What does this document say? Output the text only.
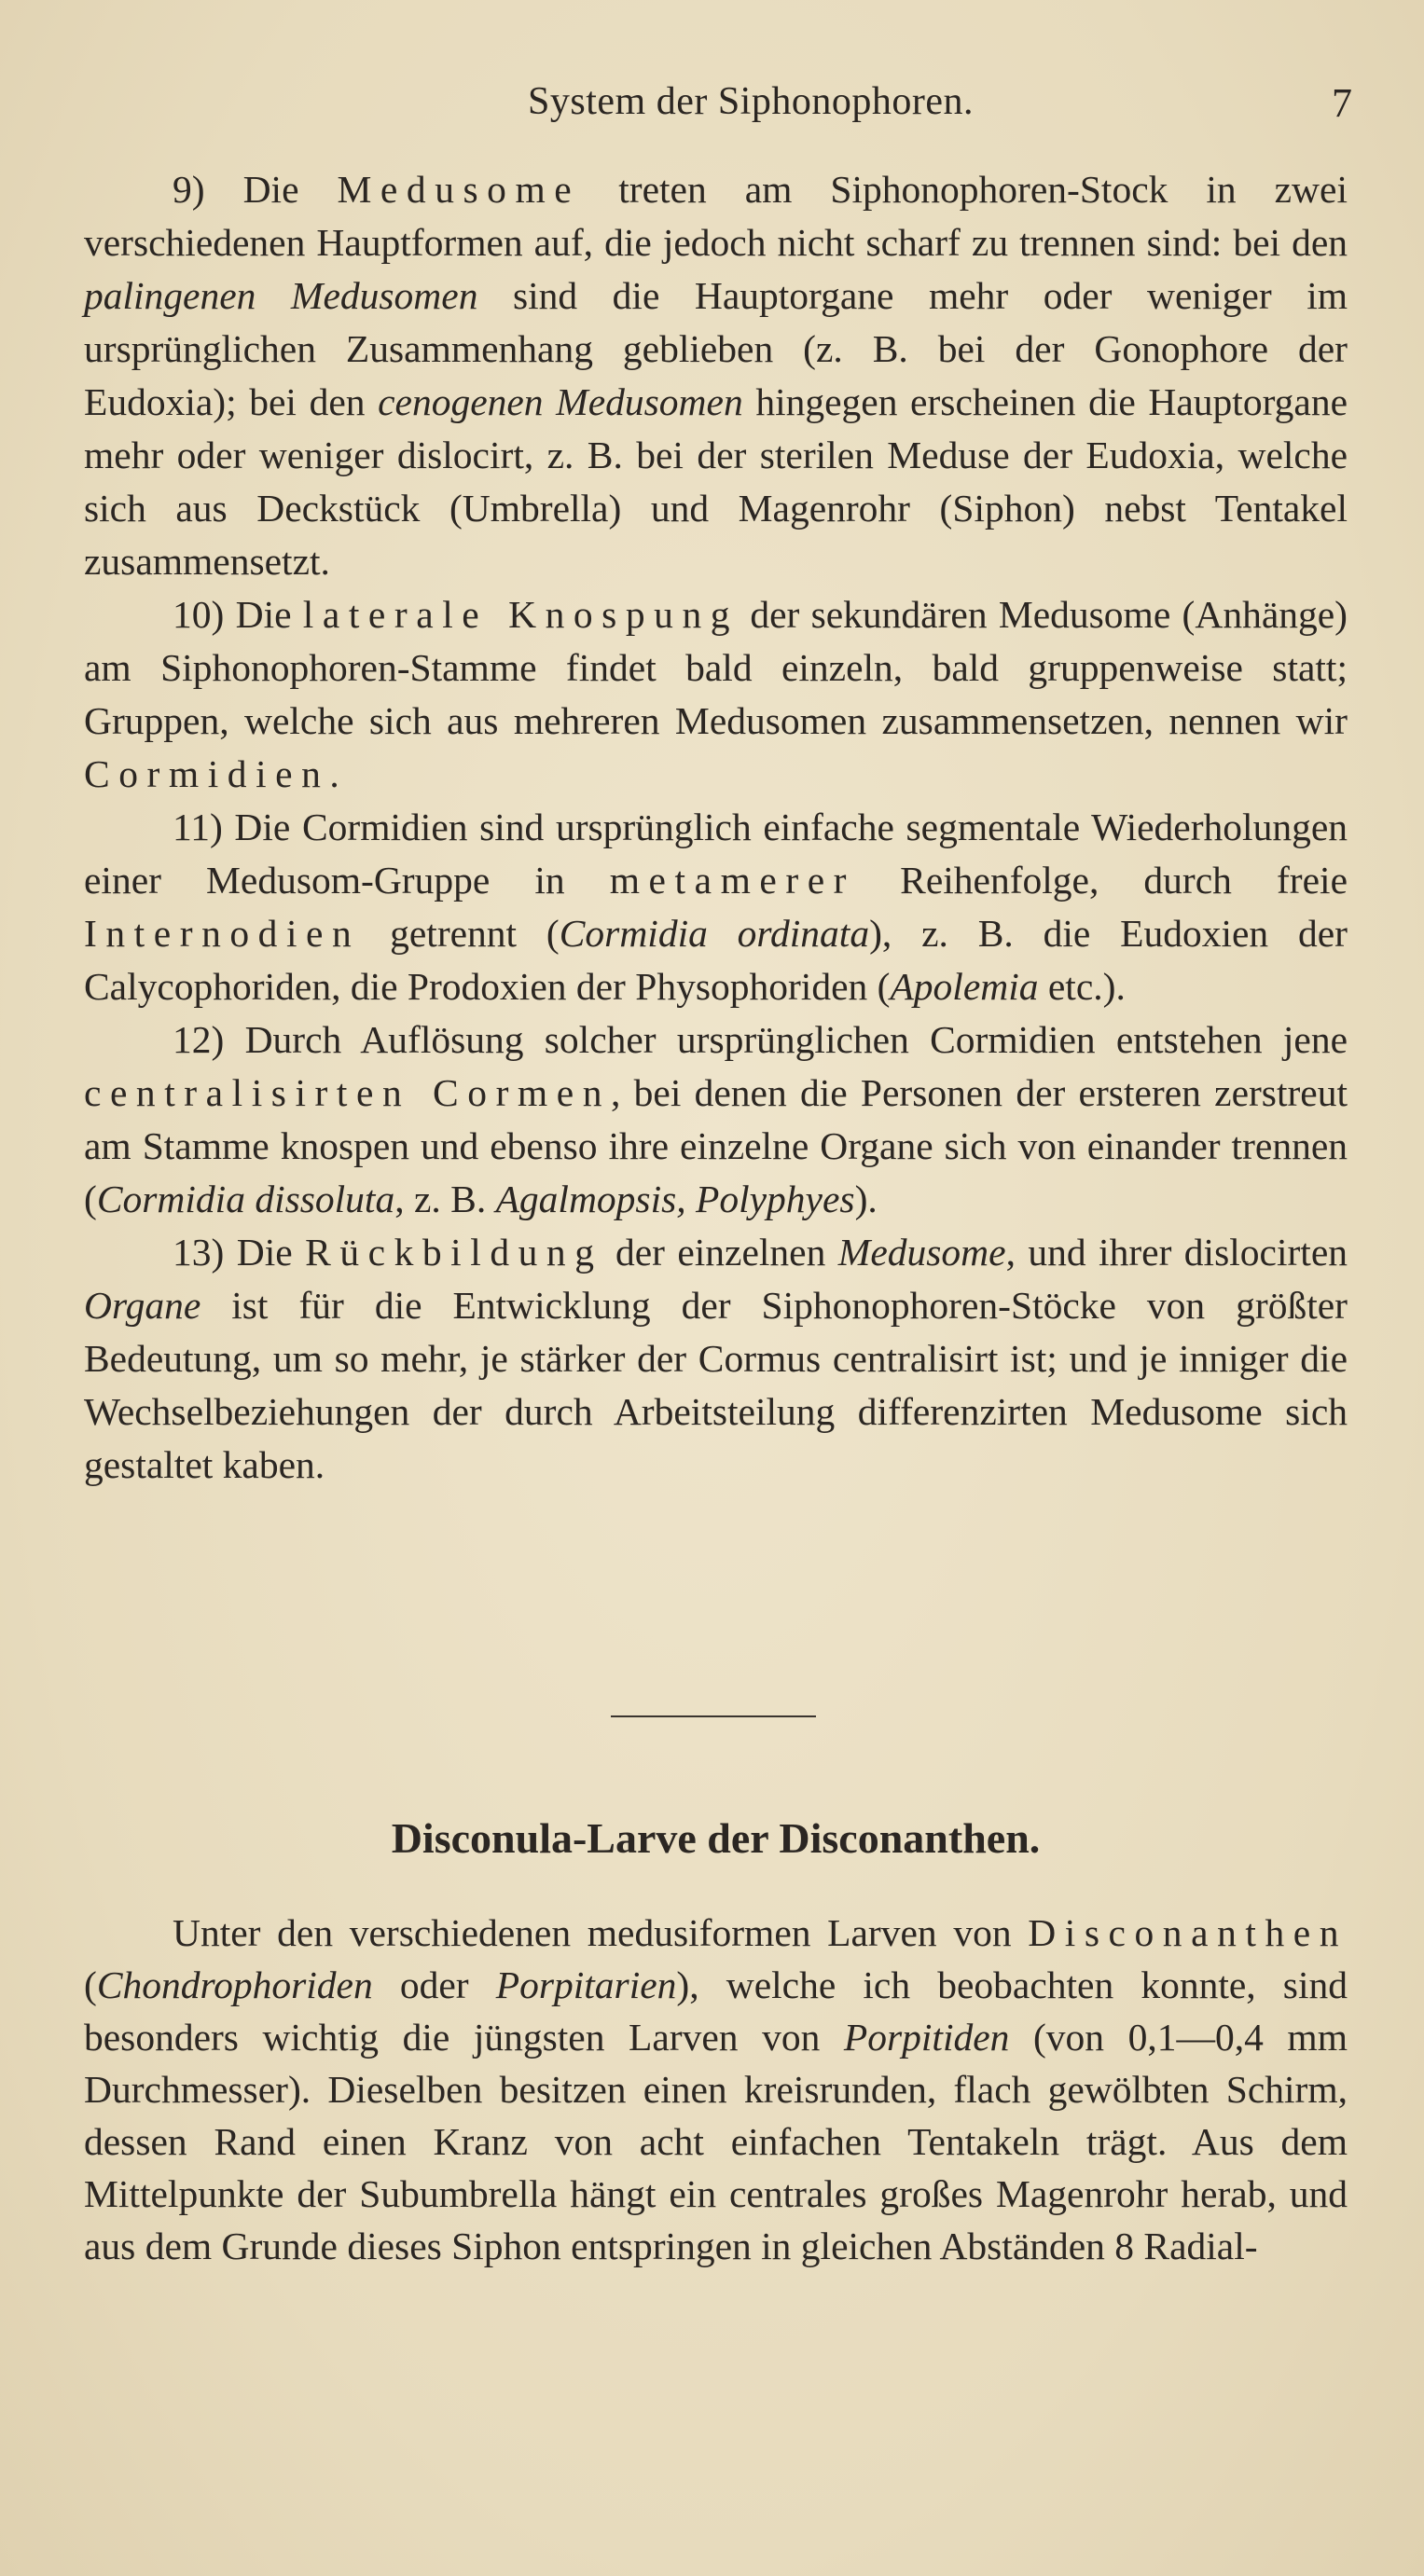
System der Siphonophoren.	7

9) Die Medusome treten am Siphonophoren-Stock in zwei verschiedenen Hauptformen auf, die jedoch nicht scharf zu trennen sind: bei den palingenen Medusomen sind die Hauptorgane mehr oder weniger im ursprünglichen Zusammenhang geblieben (z. B. bei der Gonophore der Eudoxia); bei den cenogenen Medusomen hingegen erscheinen die Hauptorgane mehr oder weniger dislocirt, z. B. bei der sterilen Meduse der Eudoxia, welche sich aus Deckstück (Umbrella) und Magenrohr (Siphon) nebst Tentakel zusammensetzt.

10) Die laterale Knospung der sekundären Medusome (Anhänge) am Siphonophoren-Stamme findet bald einzeln, bald gruppenweise statt; Gruppen, welche sich aus mehreren Medusomen zusammensetzen, nennen wir Cormidien.

11) Die Cormidien sind ursprünglich einfache segmentale Wiederholungen einer Medusom-Gruppe in metamerer Reihenfolge, durch freie Internodien getrennt (Cormidia ordinata), z. B. die Eudoxien der Calycophoriden, die Prodoxien der Physophoriden (Apolemia etc.).

12) Durch Auflösung solcher ursprünglichen Cormidien entstehen jene centralisirten Cormen, bei denen die Personen der ersteren zerstreut am Stamme knospen und ebenso ihre einzelne Organe sich von einander trennen (Cormidia dissoluta, z. B. Agalmopsis, Polyphyes).

13) Die Rückbildung der einzelnen Medusome, und ihrer dislocirten Organe ist für die Entwicklung der Siphonophoren-Stöcke von größter Bedeutung, um so mehr, je stärker der Cormus centralisirt ist; und je inniger die Wechselbeziehungen der durch Arbeitsteilung differenzirten Medusome sich gestaltet kaben.

Disconula-Larve der Disconanthen.

Unter den verschiedenen medusiformen Larven von Disconanthen (Chondrophoriden oder Porpitarien), welche ich beobachten konnte, sind besonders wichtig die jüngsten Larven von Porpitiden (von 0,1—0,4 mm Durchmesser). Dieselben besitzen einen kreisrunden, flach gewölbten Schirm, dessen Rand einen Kranz von acht einfachen Tentakeln trägt. Aus dem Mittelpunkte der Subumbrella hängt ein centrales großes Magenrohr herab, und aus dem Grunde dieses Siphon entspringen in gleichen Abständen 8 Radial-
